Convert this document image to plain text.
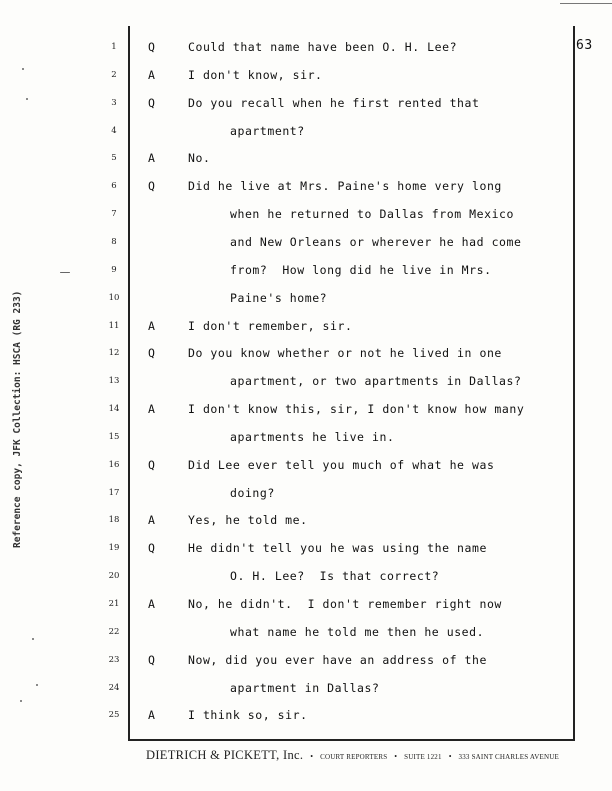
Reference copy, JFK Collection: HSCA (RG 233)
63
1	Q	Could that name have been O. H. Lee?
2	A	I don't know, sir.
3	Q	Do you recall when he first rented that
4	apartment?
5	A	No.
6	Q	Did he live at Mrs. Paine's home very long
7	when he returned to Dallas from Mexico
8	and New Orleans or wherever he had come
9	from?  How long did he live in Mrs.
10	Paine's home?
11	A	I don't remember, sir.
12	Q	Do you know whether or not he lived in one
13	apartment, or two apartments in Dallas?
14	A	I don't know this, sir, I don't know how many
15	apartments he live in.
16	Q	Did Lee ever tell you much of what he was
17	doing?
18	A	Yes, he told me.
19	Q	He didn't tell you he was using the name
20	O. H. Lee?  Is that correct?
21	A	No, he didn't.  I don't remember right now
22	what name he told me then he used.
23	Q	Now, did you ever have an address of the
24	apartment in Dallas?
25	A	I think so, sir.
DIETRICH & PICKETT, Inc. • COURT REPORTERS • SUITE 1221 • 333 SAINT CHARLES AVENUE
